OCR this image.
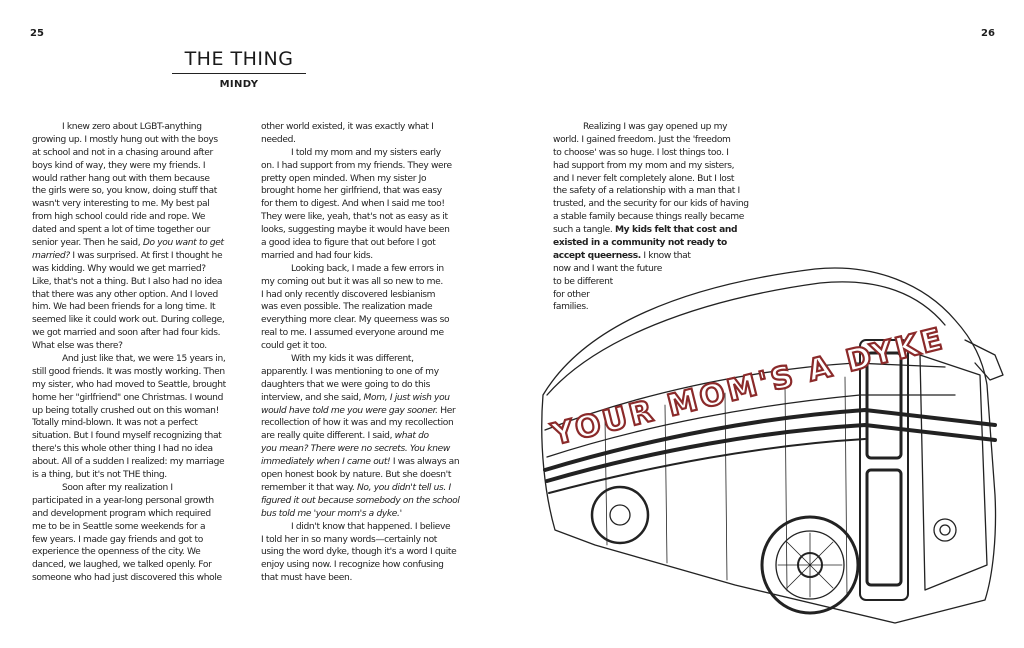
25	26
THE THING
MINDY
I knew zero about LGBT-anything
growing up. I mostly hung out with the boys
at school and not in a chasing around after
boys kind of way, they were my friends. I
would rather hang out with them because
the girls were so, you know, doing stuff that
wasn't very interesting to me. My best pal
from high school could ride and rope. We
dated and spent a lot of time together our
senior year. Then he said, Do you want to get
married? I was surprised. At first I thought he
was kidding. Why would we get married?
Like, that's not a thing. But I also had no idea
that there was any other option. And I loved
him. We had been friends for a long time. It
seemed like it could work out. During college,
we got married and soon after had four kids.
What else was there?
And just like that, we were 15 years in,
still good friends. It was mostly working. Then
my sister, who had moved to Seattle, brought
home her "girlfriend" one Christmas. I wound
up being totally crushed out on this woman!
Totally mind-blown. It was not a perfect
situation. But I found myself recognizing that
there's this whole other thing I had no idea
about. All of a sudden I realized: my marriage
is a thing, but it's not THE thing.
Soon after my realization I
participated in a year-long personal growth
and development program which required
me to be in Seattle some weekends for a
few years. I made gay friends and got to
experience the openness of the city. We
danced, we laughed, we talked openly. For
someone who had just discovered this whole
other world existed, it was exactly what I
needed.
I told my mom and my sisters early
on. I had support from my friends. They were
pretty open minded. When my sister Jo
brought home her girlfriend, that was easy
for them to digest. And when I said me too!
They were like, yeah, that's not as easy as it
looks, suggesting maybe it would have been
a good idea to figure that out before I got
married and had four kids.
Looking back, I made a few errors in
my coming out but it was all so new to me.
I had only recently discovered lesbianism
was even possible. The realization made
everything more clear. My queerness was so
real to me. I assumed everyone around me
could get it too.
With my kids it was different,
apparently. I was mentioning to one of my
daughters that we were going to do this
interview, and she said, Mom, I just wish you
would have told me you were gay sooner. Her
recollection of how it was and my recollection
are really quite different. I said, what do
you mean? There were no secrets. You knew
immediately when I came out! I was always an
open honest book by nature. But she doesn't
remember it that way. No, you didn't tell us. I
figured it out because somebody on the school
bus told me 'your mom's a dyke.'
I didn't know that happened. I believe
I told her in so many words—certainly not
using the word dyke, though it's a word I quite
enjoy using now. I recognize how confusing
that must have been.
Realizing I was gay opened up my
world. I gained freedom. Just the 'freedom
to choose' was so huge. I lost things too. I
had support from my mom and my sisters,
and I never felt completely alone. But I lost
the safety of a relationship with a man that I
trusted, and the security for our kids of having
a stable family because things really became
such a tangle. My kids felt that cost and
existed in a community not ready to
accept queerness. I know that
now and I want the future
to be different
for other
families.
YOUR MOM'S A DYKE
